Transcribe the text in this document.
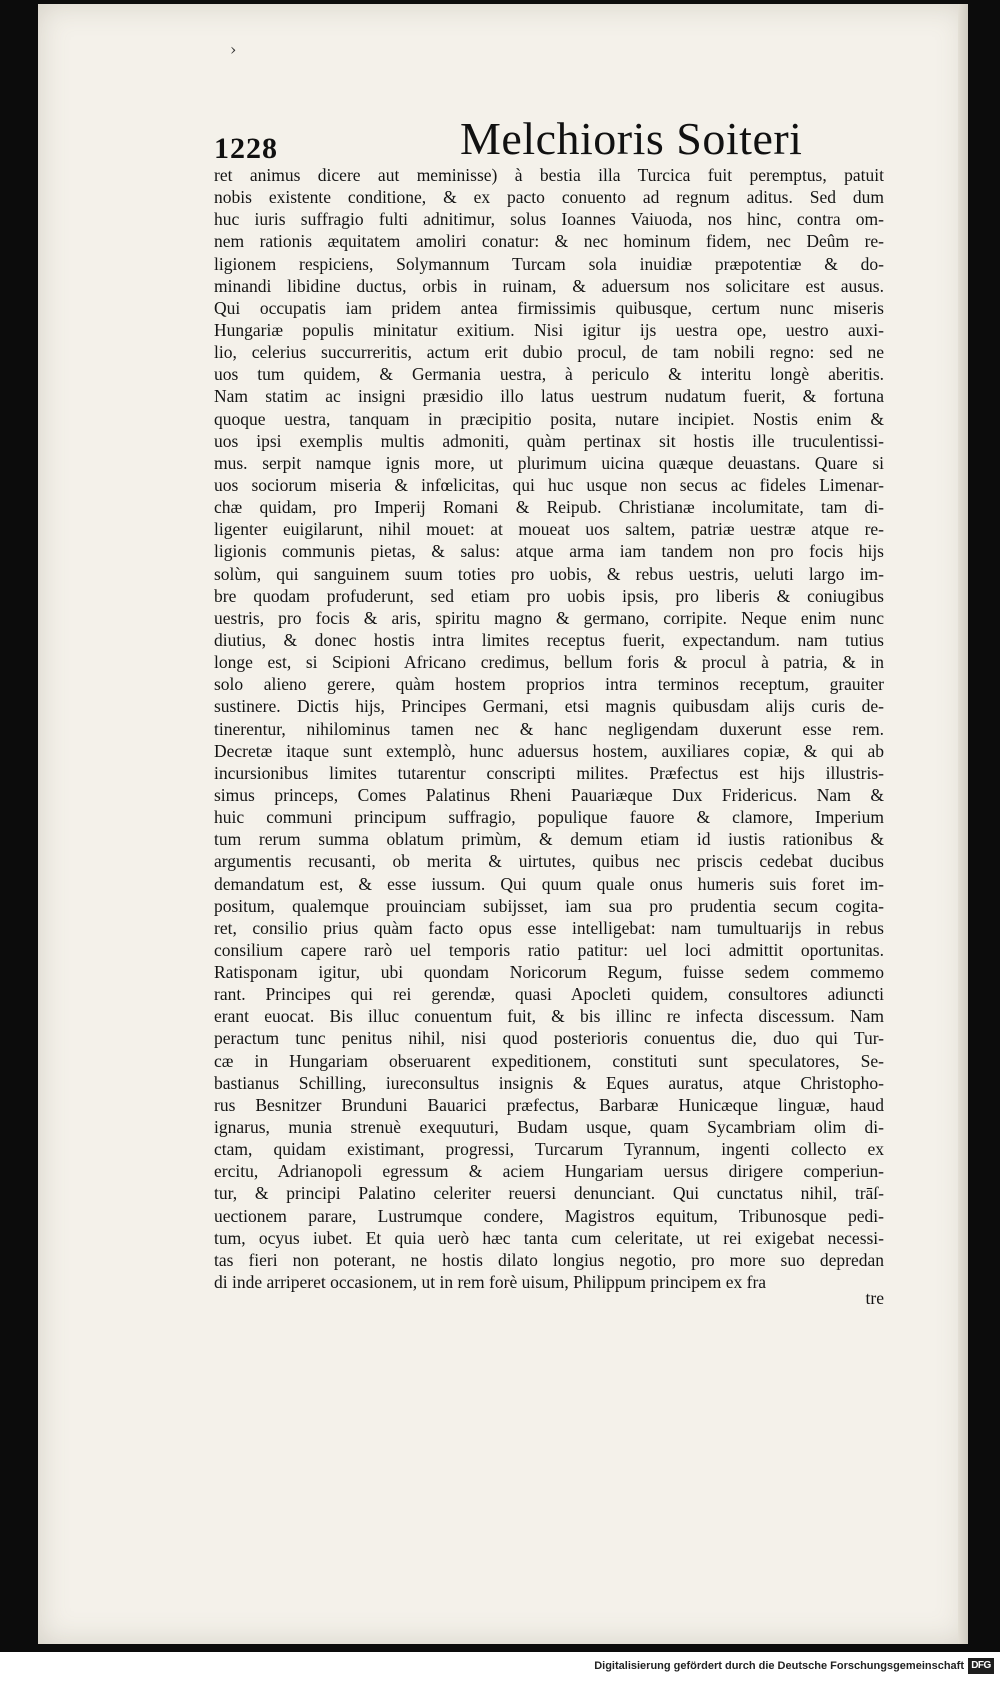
›
1228	Melchioris Soiteri
ret animus dicere aut meminisse) à bestia illa Turcica fuit peremptus, patuit
nobis existente conditione, & ex pacto conuento ad regnum aditus. Sed dum
huc iuris suffragio fulti adnitimur, solus Ioannes Vaiuoda, nos hinc, contra om-
nem rationis æquitatem amoliri conatur: & nec hominum fidem, nec Deûm re-
ligionem respiciens, Solymannum Turcam sola inuidiæ præpotentiæ & do-
minandi libidine ductus, orbis in ruinam, & aduersum nos solicitare est ausus.
Qui occupatis iam pridem antea firmissimis quibusque, certum nunc miseris
Hungariæ populis minitatur exitium. Nisi igitur ijs uestra ope, uestro auxi-
lio, celerius succurreritis, actum erit dubio procul, de tam nobili regno: sed ne
uos tum quidem, & Germania uestra, à periculo & interitu longè aberitis.
Nam statim ac insigni præsidio illo latus uestrum nudatum fuerit, & fortuna
quoque uestra, tanquam in præcipitio posita, nutare incipiet. Nostis enim &
uos ipsi exemplis multis admoniti, quàm pertinax sit hostis ille truculentissi-
mus. serpit namque ignis more, ut plurimum uicina quæque deuastans. Quare si
uos sociorum miseria & infœlicitas, qui huc usque non secus ac fideles Limenar-
chæ quidam, pro Imperij Romani & Reipub. Christianæ incolumitate, tam di-
ligenter euigilarunt, nihil mouet: at moueat uos saltem, patriæ uestræ atque re-
ligionis communis pietas, & salus: atque arma iam tandem non pro focis hijs
solùm, qui sanguinem suum toties pro uobis, & rebus uestris, ueluti largo im-
bre quodam profuderunt, sed etiam pro uobis ipsis, pro liberis & coniugibus
uestris, pro focis & aris, spiritu magno & germano, corripite. Neque enim nunc
diutius, & donec hostis intra limites receptus fuerit, expectandum. nam tutius
longe est, si Scipioni Africano credimus, bellum foris & procul à patria, & in
solo alieno gerere, quàm hostem proprios intra terminos receptum, grauiter
sustinere. Dictis hijs, Principes Germani, etsi magnis quibusdam alijs curis de-
tinerentur, nihilominus tamen nec & hanc negligendam duxerunt esse rem.
Decretæ itaque sunt extemplò, hunc aduersus hostem, auxiliares copiæ, & qui ab
incursionibus limites tutarentur conscripti milites. Præfectus est hijs illustris-
simus princeps, Comes Palatinus Rheni Pauariæque Dux Fridericus. Nam &
huic communi principum suffragio, populique fauore & clamore, Imperium
tum rerum summa oblatum primùm, & demum etiam id iustis rationibus &
argumentis recusanti, ob merita & uirtutes, quibus nec priscis cedebat ducibus
demandatum est, & esse iussum. Qui quum quale onus humeris suis foret im-
positum, qualemque prouinciam subijsset, iam sua pro prudentia secum cogita-
ret, consilio prius quàm facto opus esse intelligebat: nam tumultuarijs in rebus
consilium capere rarò uel temporis ratio patitur: uel loci admittit oportunitas.
Ratisponam igitur, ubi quondam Noricorum Regum, fuisse sedem commemo
rant. Principes qui rei gerendæ, quasi Apocleti quidem, consultores adiuncti
erant euocat. Bis illuc conuentum fuit, & bis illinc re infecta discessum. Nam
peractum tunc penitus nihil, nisi quod posterioris conuentus die, duo qui Tur-
cæ in Hungariam obseruarent expeditionem, constituti sunt speculatores, Se-
bastianus Schilling, iureconsultus insignis & Eques auratus, atque Christopho-
rus Besnitzer Brunduni Bauarici præfectus, Barbaræ Hunicæque linguæ, haud
ignarus, munia strenuè exequuturi, Budam usque, quam Sycambriam olim di-
ctam, quidam existimant, progressi, Turcarum Tyrannum, ingenti collecto ex
ercitu, Adrianopoli egressum & aciem Hungariam uersus dirigere comperiun-
tur, & principi Palatino celeriter reuersi denunciant. Qui cunctatus nihil, trāſ-
uectionem parare, Lustrumque condere, Magistros equitum, Tribunosque pedi-
tum, ocyus iubet. Et quia uerò hæc tanta cum celeritate, ut rei exigebat necessi-
tas fieri non poterant, ne hostis dilato longius negotio, pro more suo depredan
di inde arriperet occasionem, ut in rem forè uisum, Philippum principem ex fra
tre
Digitalisierung gefördert durch die Deutsche Forschungsgemeinschaft DFG
